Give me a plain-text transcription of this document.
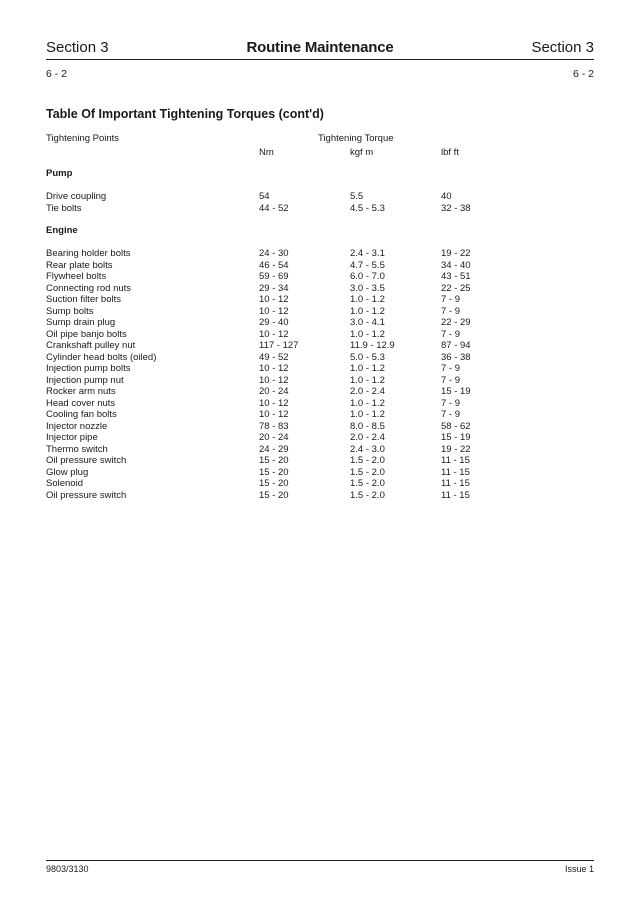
Section 3	Routine Maintenance	Section 3
6 - 2	6 - 2
Table Of Important Tightening Torques (cont'd)
Tightening Points	Tightening Torque
Nm	kgf m	lbf ft
Pump
Drive coupling	54	5.5	40
Tie bolts	44 - 52	4.5 - 5.3	32 - 38
Engine
Bearing holder bolts	24 - 30	2.4 - 3.1	19 - 22
Rear plate bolts	46 - 54	4.7 - 5.5	34 - 40
Flywheel bolts	59 - 69	6.0 - 7.0	43 - 51
Connecting rod nuts	29 - 34	3.0 - 3.5	22 - 25
Suction filter bolts	10 - 12	1.0 - 1.2	7 - 9
Sump bolts	10 - 12	1.0 - 1.2	7 - 9
Sump drain plug	29 - 40	3.0 - 4.1	22 - 29
Oil pipe banjo bolts	10 - 12	1.0 - 1.2	7 - 9
Crankshaft pulley nut	117 - 127	11.9 - 12.9	87 - 94
Cylinder head bolts (oiled)	49 - 52	5.0 - 5.3	36 - 38
Injection pump bolts	10 - 12	1.0 - 1.2	7 - 9
Injection pump nut	10 - 12	1.0 - 1.2	7 - 9
Rocker arm nuts	20 - 24	2.0 - 2.4	15 - 19
Head cover nuts	10 - 12	1.0 - 1.2	7 - 9
Cooling fan bolts	10 - 12	1.0 - 1.2	7 - 9
Injector nozzle	78 - 83	8.0 - 8.5	58 - 62
Injector pipe	20 - 24	2.0 - 2.4	15 - 19
Thermo switch	24 - 29	2.4 - 3.0	19 - 22
Oil pressure switch	15 - 20	1.5 - 2.0	11 - 15
Glow plug	15 - 20	1.5 - 2.0	11 - 15
Solenoid	15 - 20	1.5 - 2.0	11 - 15
Oil pressure switch	15 - 20	1.5 - 2.0	11 - 15
9803/3130	Issue 1
